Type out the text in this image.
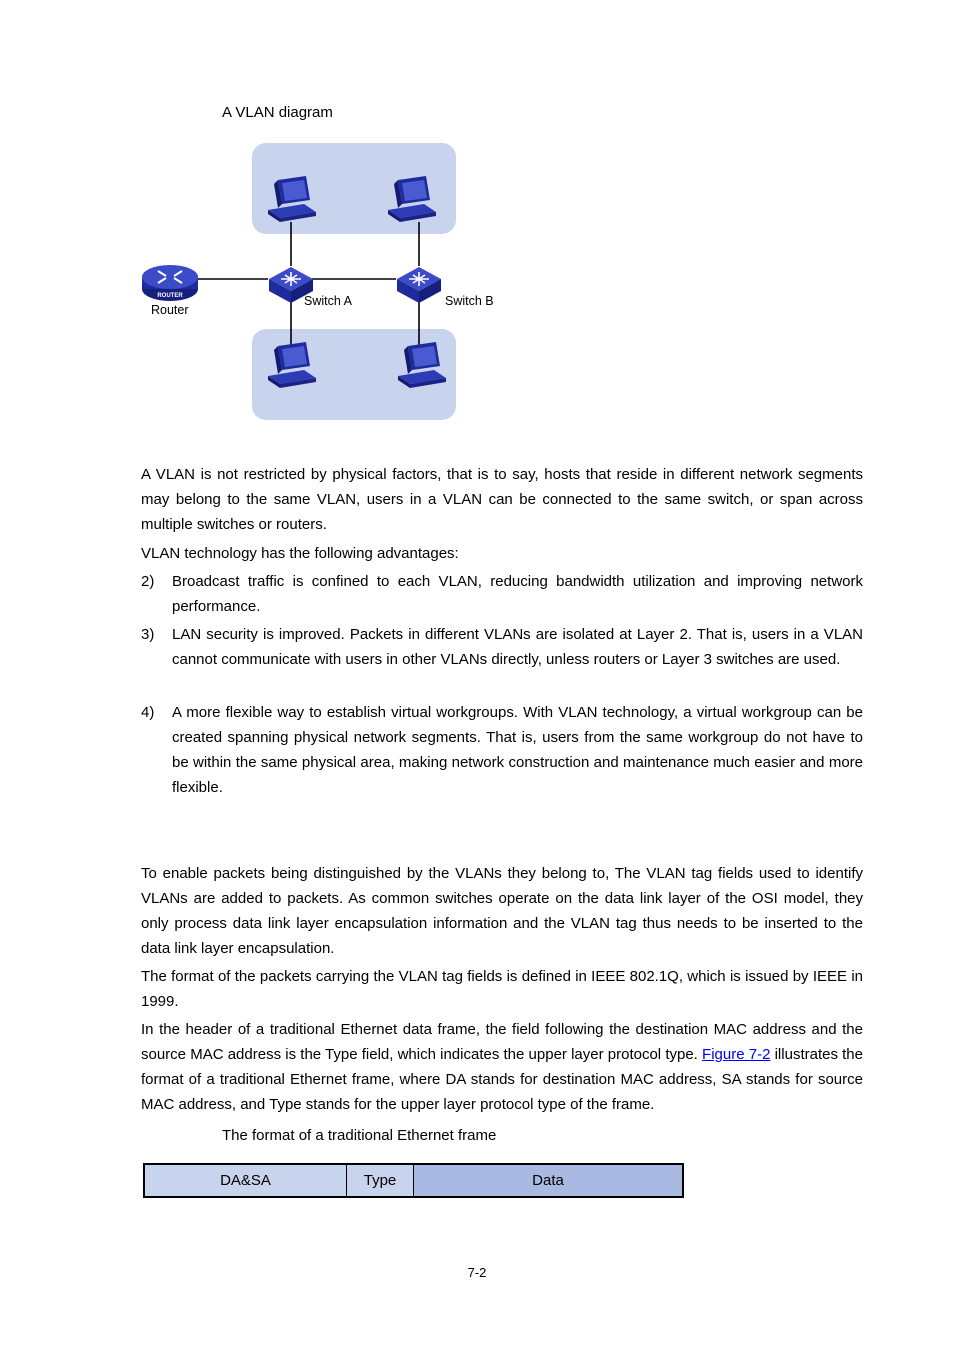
A VLAN diagram
ROUTER
Router
Switch A	Switch B

A VLAN is not restricted by physical factors, that is to say, hosts that reside in different network segments may belong to the same VLAN, users in a VLAN can be connected to the same switch, or span across multiple switches or routers.

VLAN technology has the following advantages:

2) Broadcast traffic is confined to each VLAN, reducing bandwidth utilization and improving network performance.
3) LAN security is improved. Packets in different VLANs are isolated at Layer 2. That is, users in a VLAN cannot communicate with users in other VLANs directly, unless routers or Layer 3 switches are used.
4) A more flexible way to establish virtual workgroups. With VLAN technology, a virtual workgroup can be created spanning physical network segments. That is, users from the same workgroup do not have to be within the same physical area, making network construction and maintenance much easier and more flexible.

To enable packets being distinguished by the VLANs they belong to, The VLAN tag fields used to identify VLANs are added to packets. As common switches operate on the data link layer of the OSI model, they only process data link layer encapsulation information and the VLAN tag thus needs to be inserted to the data link layer encapsulation.

The format of the packets carrying the VLAN tag fields is defined in IEEE 802.1Q, which is issued by IEEE in 1999.

In the header of a traditional Ethernet data frame, the field following the destination MAC address and the source MAC address is the Type field, which indicates the upper layer protocol type. Figure 7-2 illustrates the format of a traditional Ethernet frame, where DA stands for destination MAC address, SA stands for source MAC address, and Type stands for the upper layer protocol type of the frame.

The format of a traditional Ethernet frame
DA&SA	Type	Data
7-2
